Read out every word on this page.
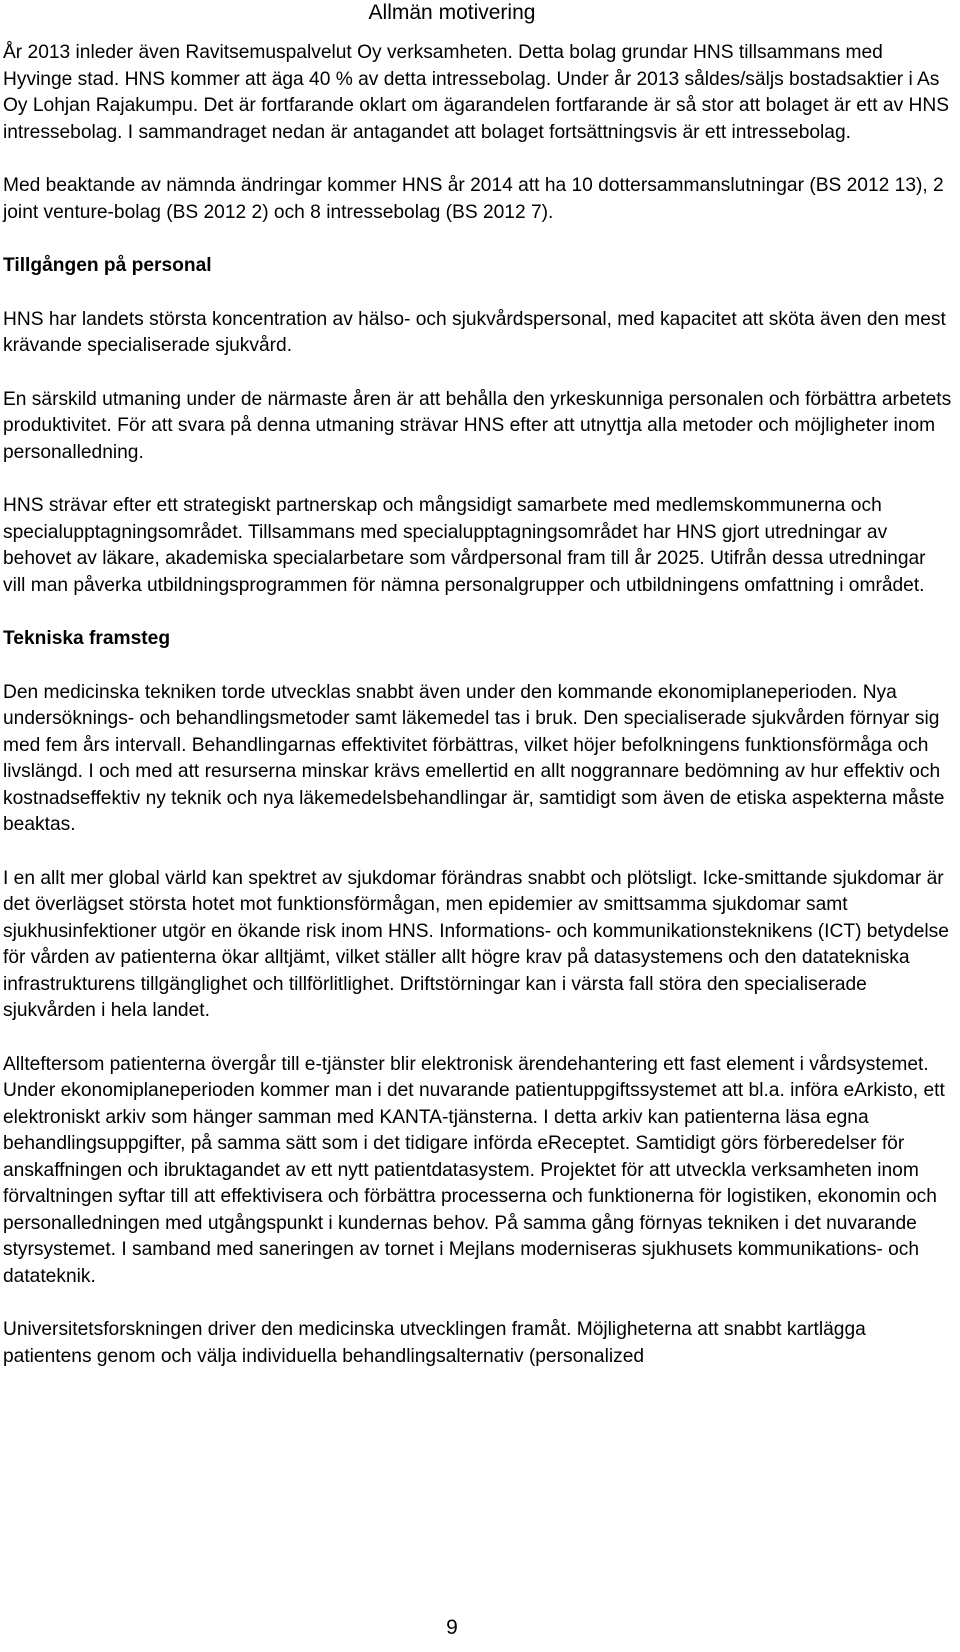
Allmän motivering

År 2013 inleder även Ravitsemuspalvelut Oy verksamheten. Detta bolag grundar HNS tillsammans med Hyvinge stad. HNS kommer att äga 40 % av detta intressebolag. Under år 2013 såldes/säljs bostadsaktier i As Oy Lohjan Rajakumpu. Det är fortfarande oklart om ägarandelen fortfarande är så stor att bolaget är ett av HNS intressebolag. I sammandraget nedan är antagandet att bolaget fortsättningsvis är ett intressebolag.

Med beaktande av nämnda ändringar kommer HNS år 2014 att ha 10 dottersammanslutningar (BS 2012 13), 2 joint venture-bolag (BS 2012 2) och 8 intressebolag (BS 2012 7).

Tillgången på personal

HNS har landets största koncentration av hälso- och sjukvårdspersonal, med kapacitet att sköta även den mest krävande specialiserade sjukvård.

En särskild utmaning under de närmaste åren är att behålla den yrkeskunniga personalen och förbättra arbetets produktivitet. För att svara på denna utmaning strävar HNS efter att utnyttja alla metoder och möjligheter inom personalledning.

HNS strävar efter ett strategiskt partnerskap och mångsidigt samarbete med medlemskommunerna och specialupptagningsområdet. Tillsammans med specialupptagningsområdet har HNS gjort utredningar av behovet av läkare, akademiska specialarbetare som vårdpersonal fram till år 2025. Utifrån dessa utredningar vill man påverka utbildningsprogrammen för nämna personalgrupper och utbildningens omfattning i området.

Tekniska framsteg

Den medicinska tekniken torde utvecklas snabbt även under den kommande ekonomiplaneperioden. Nya undersöknings- och behandlingsmetoder samt läkemedel tas i bruk. Den specialiserade sjukvården förnyar sig med fem års intervall. Behandlingarnas effektivitet förbättras, vilket höjer befolkningens funktionsförmåga och livslängd. I och med att resurserna minskar krävs emellertid en allt noggrannare bedömning av hur effektiv och kostnadseffektiv ny teknik och nya läkemedelsbehandlingar är, samtidigt som även de etiska aspekterna måste beaktas.

I en allt mer global värld kan spektret av sjukdomar förändras snabbt och plötsligt. Icke-smittande sjukdomar är det överlägset största hotet mot funktionsförmågan, men epidemier av smittsamma sjukdomar samt sjukhusinfektioner utgör en ökande risk inom HNS. Informations- och kommunikationsteknikens (ICT) betydelse för vården av patienterna ökar alltjämt, vilket ställer allt högre krav på datasystemens och den datatekniska infrastrukturens tillgänglighet och tillförlitlighet. Driftstörningar kan i värsta fall störa den specialiserade sjukvården i hela landet.

Allteftersom patienterna övergår till e-tjänster blir elektronisk ärendehantering ett fast element i vårdsystemet. Under ekonomiplaneperioden kommer man i det nuvarande patientuppgiftssystemet att bl.a. införa eArkisto, ett elektroniskt arkiv som hänger samman med KANTA-tjänsterna. I detta arkiv kan patienterna läsa egna behandlingsuppgifter, på samma sätt som i det tidigare införda eReceptet. Samtidigt görs förberedelser för anskaffningen och ibruktagandet av ett nytt patientdatasystem. Projektet för att utveckla verksamheten inom förvaltningen syftar till att effektivisera och förbättra processerna och funktionerna för logistiken, ekonomin och personalledningen med utgångspunkt i kundernas behov. På samma gång förnyas tekniken i det nuvarande styrsystemet. I samband med saneringen av tornet i Mejlans moderniseras sjukhusets kommunikations- och datateknik.

Universitetsforskningen driver den medicinska utvecklingen framåt. Möjligheterna att snabbt kartlägga patientens genom och välja individuella behandlingsalternativ (personalized

9
